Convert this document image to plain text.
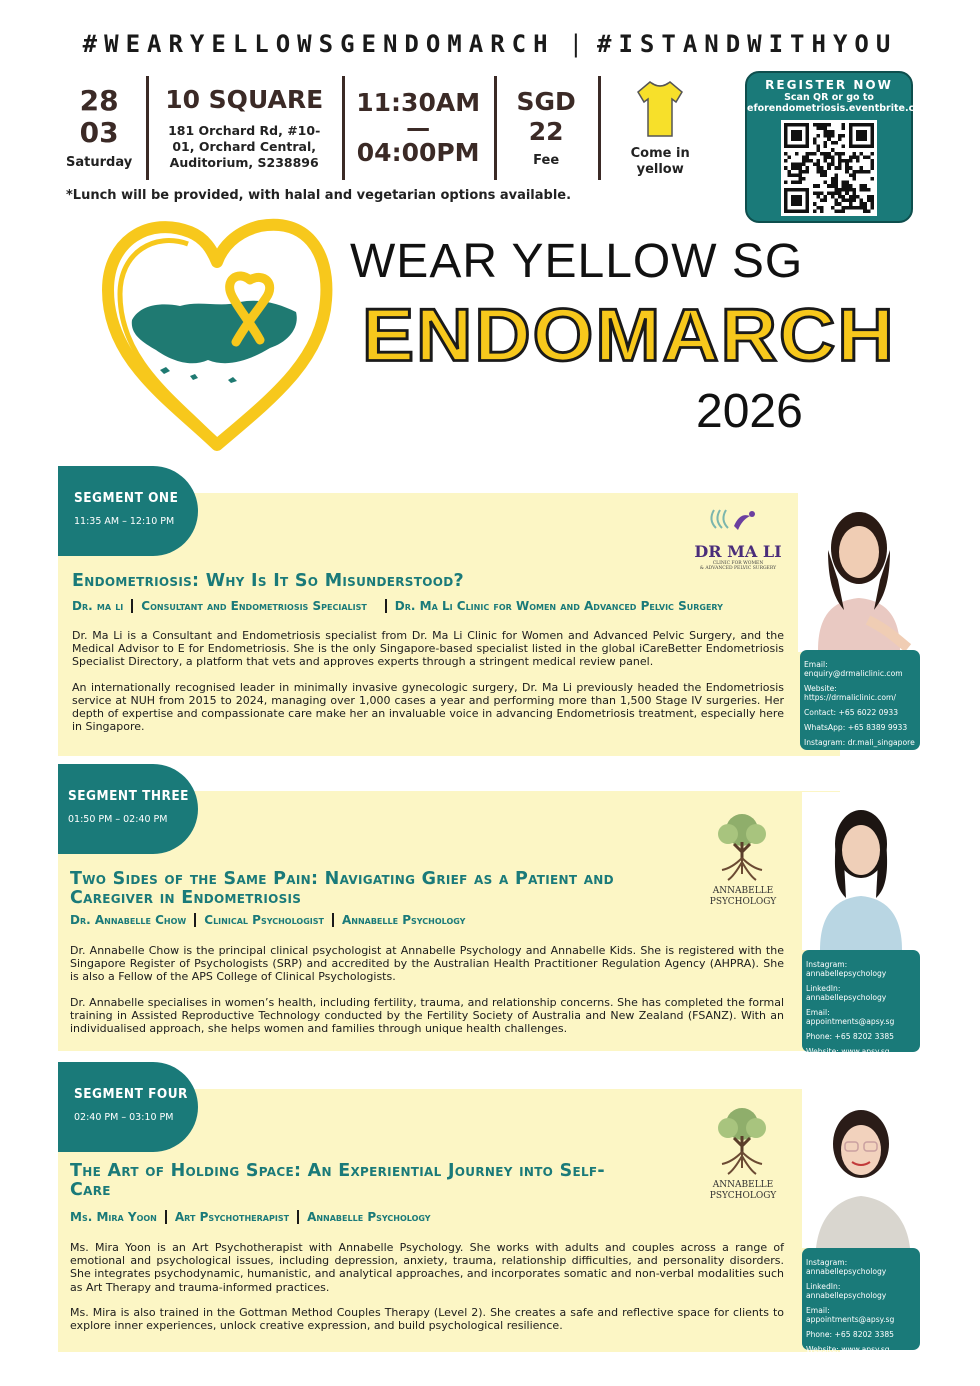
#WEARYELLOWSGENDOMARCH | #ISTANDWITHYOU
28
03
Saturday
10 SQUARE
181 Orchard Rd, #10-01, Orchard Central, Auditorium, S238896
11:30AM
—
04:00PM
SGD
22
Fee	Come in yellow
*Lunch will be provided, with halal and vegetarian options available.
REGISTER NOW
Scan QR or go to
eforendometriosis.eventbrite.com
WEAR YELLOW SG
ENDOMARCH
2026
SEGMENT ONE
11:35 AM – 12:10 PM
Endometriosis: Why Is It So Misunderstood?
Dr. ma li	Consultant and Endometriosis Specialist	Dr. Ma Li Clinic for Women and Advanced Pelvic Surgery

Dr. Ma Li is a Consultant and Endometriosis specialist from Dr. Ma Li Clinic for Women and Advanced Pelvic Surgery, and the Medical Advisor to E for Endometriosis. She is the only Singapore-based specialist listed in the global iCareBetter Endometriosis Specialist Directory, a platform that vets and approves experts through a stringent medical review panel.

An internationally recognised leader in minimally invasive gynecologic surgery, Dr. Ma Li previously headed the Endometriosis service at NUH from 2015 to 2024, managing over 1,000 cases a year and performing more than 1,500 Stage IV surgeries. Her depth of expertise and compassionate care make her an invaluable voice in advancing Endometriosis treatment, especially here in Singapore.

DR MA LI
CLINIC FOR WOMEN
& ADVANCED PELVIC SURGERY
Email: enquiry@drmaliclinic.com
Website: https://drmaliclinic.com/
Contact: +65 6022 0933
WhatsApp: +65 8389 9933
Instagram: dr.mali_singapore
SEGMENT THREE
01:50 PM – 02:40 PM
Two Sides of the Same Pain: Navigating Grief as a Patient and Caregiver in Endometriosis
Dr. Annabelle Chow	Clinical Psychologist	Annabelle Psychology

Dr. Annabelle Chow is the principal clinical psychologist at Annabelle Psychology and Annabelle Kids. She is registered with the Singapore Register of Psychologists (SRP) and accredited by the Australian Health Practitioner Regulation Agency (AHPRA). She is also a Fellow of the APS College of Clinical Psychologists.

Dr. Annabelle specialises in women’s health, including fertility, trauma, and relationship concerns. She has completed the formal training in Assisted Reproductive Technology conducted by the Fertility Society of Australia and New Zealand (FSANZ). With an individualised approach, she helps women and families through unique health challenges.

ANNABELLE
PSYCHOLOGY
Instagram: annabellepsychology
LinkedIn: annabellepsychology
Email: appointments@apsy.sg
Phone: +65 8202 3385
Website: www.apsy.sg
SEGMENT FOUR
02:40 PM – 03:10 PM
The Art of Holding Space: An Experiential Journey into Self-Care
Ms. Mira Yoon	Art Psychotherapist	Annabelle Psychology

Ms. Mira Yoon is an Art Psychotherapist with Annabelle Psychology. She works with adults and couples across a range of emotional and psychological issues, including depression, anxiety, trauma, relationship difficulties, and personality disorders. She integrates psychodynamic, humanistic, and analytical approaches, and incorporates somatic and non-verbal modalities such as Art Therapy and trauma-informed practices.

Ms. Mira is also trained in the Gottman Method Couples Therapy (Level 2). She creates a safe and reflective space for clients to explore inner experiences, unlock creative expression, and build psychological resilience.

ANNABELLE
PSYCHOLOGY
Instagram: annabellepsychology
LinkedIn: annabellepsychology
Email: appointments@apsy.sg
Phone: +65 8202 3385
Website: www.apsy.sg
